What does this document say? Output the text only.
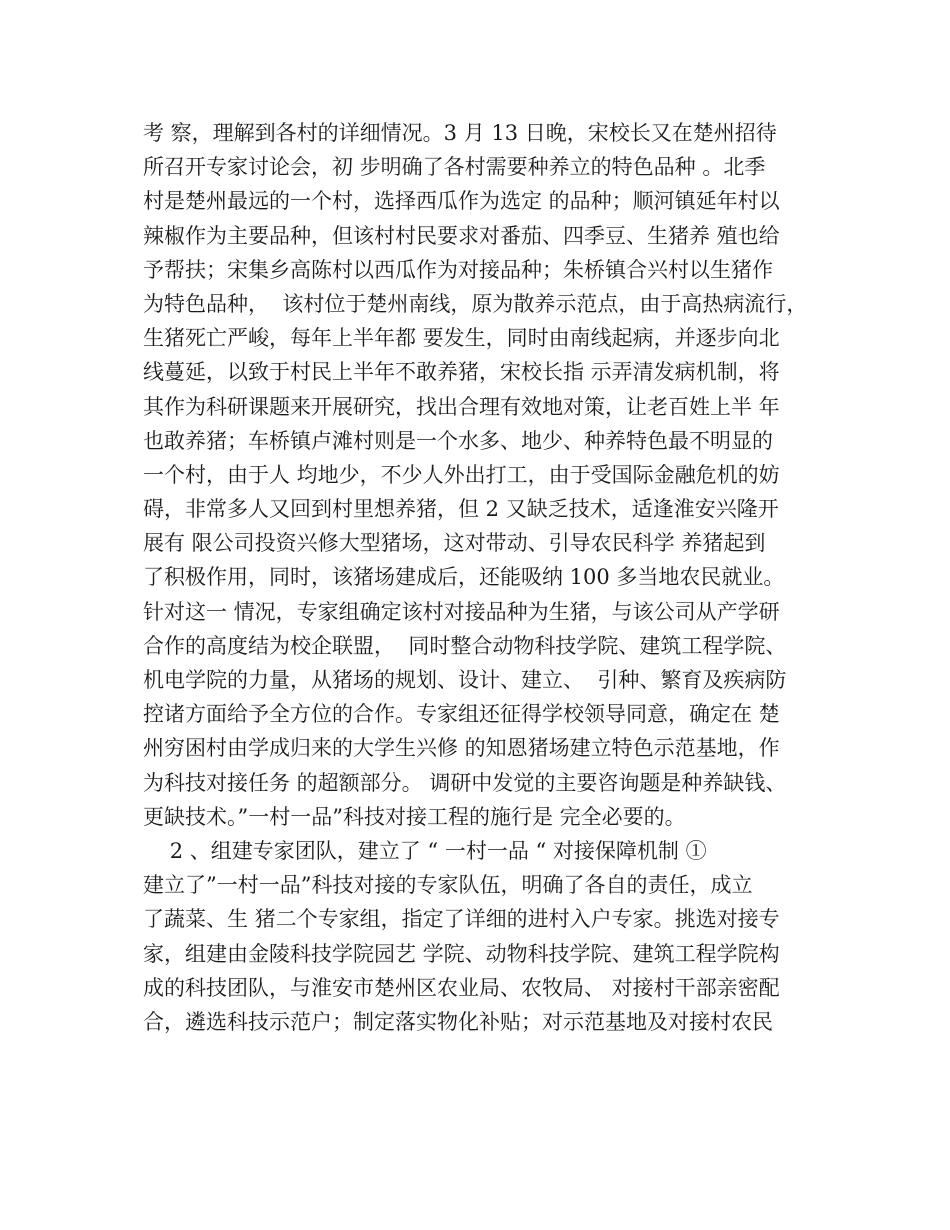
考 察，理解到各村的详细情况。3 月 13 日晚，宋校长又在楚州招待
所召开专家讨论会，初 步明确了各村需要种养立的特色品种 。北季
村是楚州最远的一个村，选择西瓜作为选定 的品种；顺河镇延年村以
辣椒作为主要品种，但该村村民要求对番茄、四季豆、生猪养 殖也给
予帮扶；宋集乡高陈村以西瓜作为对接品种；朱桥镇合兴村以生猪作
为特色品种，  该村位于楚州南线，原为散养示范点，由于高热病流行，
生猪死亡严峻，每年上半年都 要发生，同时由南线起病，并逐步向北
线蔓延，以致于村民上半年不敢养猪，宋校长指 示弄清发病机制，将
其作为科研课题来开展研究，找出合理有效地对策，让老百姓上半 年
也敢养猪；车桥镇卢滩村则是一个水多、地少、种养特色最不明显的
一个村，由于人 均地少，不少人外出打工，由于受国际金融危机的妨
碍，非常多人又回到村里想养猪，但 2 又缺乏技术，适逢淮安兴隆开
展有 限公司投资兴修大型猪场，这对带动、引导农民科学 养猪起到
了积极作用，同时，该猪场建成后，还能吸纳 100 多当地农民就业。
针对这一 情况，专家组确定该村对接品种为生猪，与该公司从产学研
合作的高度结为校企联盟，  同时整合动物科技学院、建筑工程学院、
机电学院的力量，从猪场的规划、设计、建立、  引种、繁育及疾病防
控诸方面给予全方位的合作。专家组还征得学校领导同意，确定在 楚
州穷困村由学成归来的大学生兴修 的知恩猪场建立特色示范基地，作
为科技对接任务 的超额部分。 调研中发觉的主要咨询题是种养缺钱、
更缺技术。”一村一品”科技对接工程的施行是 完全必要的。
2 、组建专家团队，建立了 “ 一村一品 “ 对接保障机制 ①
建立了”一村一品”科技对接的专家队伍，明确了各自的责任，成立
了蔬菜、生 猪二个专家组，指定了详细的进村入户专家。挑选对接专
家，组建由金陵科技学院园艺 学院、动物科技学院、建筑工程学院构
成的科技团队，与淮安市楚州区农业局、农牧局、 对接村干部亲密配
合，遴选科技示范户；制定落实物化补贴；对示范基地及对接村农民
